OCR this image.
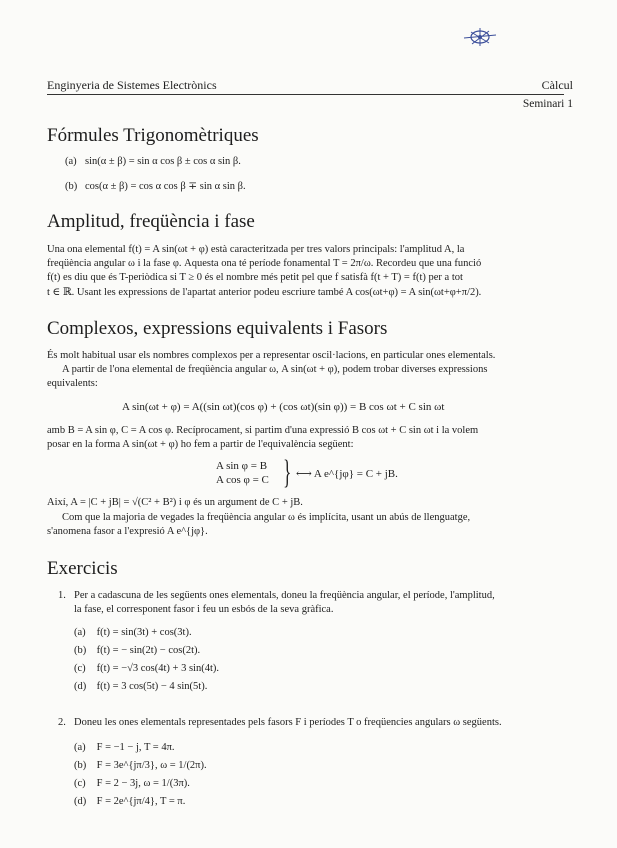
Enginyeria de Sistemes Electrònics	Càlcul
Seminari 1
Fórmules Trigonomètriques
(a) sin(α ± β) = sin α cos β ± cos α sin β.
(b) cos(α ± β) = cos α cos β ∓ sin α sin β.
Amplitud, freqüència i fase
Una ona elemental f(t) = A sin(ωt + φ) està caracteritzada per tres valors principals: l'amplitud A, la
freqüència angular ω i la fase φ. Aquesta ona té període fonamental T = 2π/ω. Recordeu que una funció
f(t) es diu que és T-periòdica si T ≥ 0 és el nombre més petit pel que f satisfà f(t + T) = f(t) per a tot
t ∈ ℝ. Usant les expressions de l'apartat anterior podeu escriure també A cos(ωt+φ) = A sin(ωt+φ+π/2).
Complexos, expressions equivalents i Fasors
És molt habitual usar els nombres complexos per a representar oscil·lacions, en particular ones elementals.
A partir de l'ona elemental de freqüència angular ω, A sin(ωt + φ), podem trobar diverses expressions
equivalents:
A sin(ωt + φ) = A((sin ωt)(cos φ) + (cos ωt)(sin φ)) = B cos ωt + C sin ωt
amb B = A sin φ, C = A cos φ. Recíprocament, si partim d'una expressió B cos ωt + C sin ωt i la volem
posar en la forma A sin(ωt + φ) ho fem a partir de l'equivalència següent:
A sin φ = B
A cos φ = C } ⟷ A e^{jφ} = C + jB.
Així, A = |C + jB| = √(C² + B²) i φ és un argument de C + jB.
Com que la majoria de vegades la freqüència angular ω és implícita, usant un abús de llenguatge,
s'anomena fasor a l'expresió A e^{jφ}.
Exercicis
1. Per a cadascuna de les següents ones elementals, doneu la freqüència angular, el període, l'amplitud,
la fase, el corresponent fasor i feu un esbós de la seva gràfica.
(a) f(t) = sin(3t) + cos(3t).
(b) f(t) = − sin(2t) − cos(2t).
(c) f(t) = −√3 cos(4t) + 3 sin(4t).
(d) f(t) = 3 cos(5t) − 4 sin(5t).
2. Doneu les ones elementals representades pels fasors F i períodes T o freqüencies angulars ω següents.
(a) F = −1 − j, T = 4π.
(b) F = 3e^{jπ/3}, ω = 1/(2π).
(c) F = 2 − 3j, ω = 1/(3π).
(d) F = 2e^{jπ/4}, T = π.
